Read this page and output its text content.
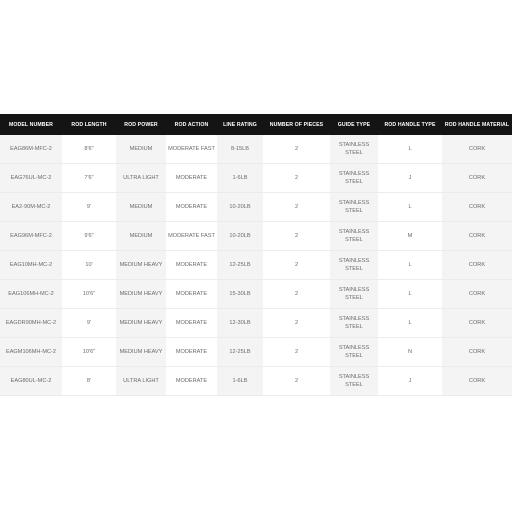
MODEL NUMBER	ROD LENGTH	ROD POWER	ROD ACTION	LINE RATING	NUMBER OF PIECES	GUIDE TYPE	ROD HANDLE TYPE	ROD HANDLE MATERIAL
EAG86M-MFC-2	8'6"	MEDIUM	MODERATE FAST	8-15LB	2	STAINLESS STEEL	L	CORK
EAG76UL-MC-2	7'6"	ULTRA LIGHT	MODERATE	1-6LB	2	STAINLESS STEEL	J	CORK
EA2-90M-MC-2	9'	MEDIUM	MODERATE	10-20LB	2	STAINLESS STEEL	L	CORK
EAG96M-MFC-2	9'6"	MEDIUM	MODERATE FAST	10-20LB	2	STAINLESS STEEL	M	CORK
EAG10MH-MC-2	10'	MEDIUM HEAVY	MODERATE	12-25LB	2	STAINLESS STEEL	L	CORK
EAG106MH-MC-2	10'6"	MEDIUM HEAVY	MODERATE	15-30LB	2	STAINLESS STEEL	L	CORK
EAGDR90MH-MC-2	9'	MEDIUM HEAVY	MODERATE	12-30LB	2	STAINLESS STEEL	L	CORK
EAGM106MH-MC-2	10'6"	MEDIUM HEAVY	MODERATE	12-25LB	2	STAINLESS STEEL	N	CORK
EAG80UL-MC-2	8'	ULTRA LIGHT	MODERATE	1-6LB	2	STAINLESS STEEL	J	CORK
